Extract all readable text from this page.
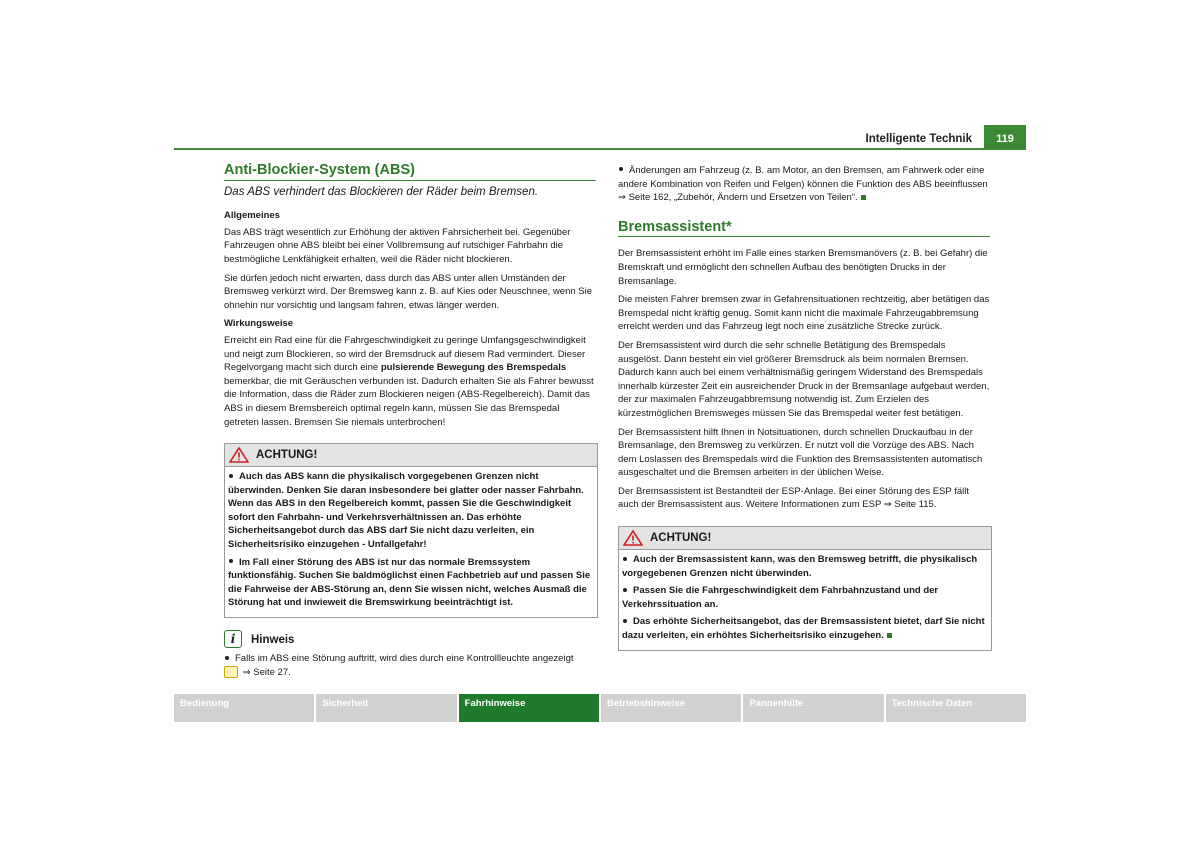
Intelligente Technik	119
Anti-Blockier-System (ABS)
Das ABS verhindert das Blockieren der Räder beim Bremsen.
Allgemeines

Das ABS trägt wesentlich zur Erhöhung der aktiven Fahrsicherheit bei. Gegenüber Fahrzeugen ohne ABS bleibt bei einer Vollbremsung auf rutschiger Fahrbahn die bestmögliche Lenkfähigkeit erhalten, weil die Räder nicht blockieren.

Sie dürfen jedoch nicht erwarten, dass durch das ABS unter allen Umständen der Bremsweg verkürzt wird. Der Bremsweg kann z. B. auf Kies oder Neuschnee, wenn Sie ohnehin nur vorsichtig und langsam fahren, etwas länger werden.

Wirkungsweise

Erreicht ein Rad eine für die Fahrgeschwindigkeit zu geringe Umfangsgeschwindigkeit und neigt zum Blockieren, so wird der Bremsdruck auf diesem Rad vermindert. Dieser Regelvorgang macht sich durch eine pulsierende Bewegung des Bremspedals bemerkbar, die mit Geräuschen verbunden ist. Dadurch erhalten Sie als Fahrer bewusst die Information, dass die Räder zum Blockieren neigen (ABS-Regelbereich). Damit das ABS in diesem Bremsbereich optimal regeln kann, müssen Sie das Bremspedal getreten lassen. Bremsen Sie niemals unterbrochen!

ACHTUNG!

Auch das ABS kann die physikalisch vorgegebenen Grenzen nicht überwinden. Denken Sie daran insbesondere bei glatter oder nasser Fahrbahn. Wenn das ABS in den Regelbereich kommt, passen Sie die Geschwindigkeit sofort den Fahrbahn- und Verkehrsverhältnissen an. Das erhöhte Sicherheitsangebot durch das ABS darf Sie nicht dazu verleiten, ein Sicherheitsrisiko einzugehen - Unfallgefahr!

Im Fall einer Störung des ABS ist nur das normale Bremssystem funktionsfähig. Suchen Sie baldmöglichst einen Fachbetrieb auf und passen Sie die Fahrweise der ABS-Störung an, denn Sie wissen nicht, welches Ausmaß die Störung hat und inwieweit die Bremswirkung beeinträchtigt ist.

i
Hinweis

Falls im ABS eine Störung auftritt, wird dies durch eine Kontrollleuchte angezeigt
⇒ Seite 27.

Änderungen am Fahrzeug (z. B. am Motor, an den Bremsen, am Fahrwerk oder eine andere Kombination von Reifen und Felgen) können die Funktion des ABS beeinflussen ⇒ Seite 162, „Zubehör, Ändern und Ersetzen von Teilen“.

Bremsassistent*

Der Bremsassistent erhöht im Falle eines starken Bremsmanövers (z. B. bei Gefahr) die Bremskraft und ermöglicht den schnellen Aufbau des benötigten Drucks in der Bremsanlage.

Die meisten Fahrer bremsen zwar in Gefahrensituationen rechtzeitig, aber betätigen das Bremspedal nicht kräftig genug. Somit kann nicht die maximale Fahrzeugabbremsung erreicht werden und das Fahrzeug legt noch eine zusätzliche Strecke zurück.

Der Bremsassistent wird durch die sehr schnelle Betätigung des Bremspedals ausgelöst. Dann besteht ein viel größerer Bremsdruck als beim normalen Bremsen. Dadurch kann auch bei einem verhältnismäßig geringem Widerstand des Bremspedals innerhalb kürzester Zeit ein ausreichender Druck in der Bremsanlage aufgebaut werden, der zur maximalen Fahrzeugabbremsung notwendig ist. Zum Erzielen des kürzestmöglichen Bremsweges müssen Sie das Bremspedal weiter fest betätigen.

Der Bremsassistent hilft Ihnen in Notsituationen, durch schnellen Druckaufbau in der Bremsanlage, den Bremsweg zu verkürzen. Er nutzt voll die Vorzüge des ABS. Nach dem Loslassen des Bremspedals wird die Funktion des Bremsassistenten automatisch ausgeschaltet und die Bremsen arbeiten in der üblichen Weise.

Der Bremsassistent ist Bestandteil der ESP-Anlage. Bei einer Störung des ESP fällt auch der Bremsassistent aus. Weitere Informationen zum ESP ⇒ Seite 115.

ACHTUNG!

Auch der Bremsassistent kann, was den Bremsweg betrifft, die physikalisch vorgegebenen Grenzen nicht überwinden.

Passen Sie die Fahrgeschwindigkeit dem Fahrbahnzustand und der Verkehrssituation an.

Das erhöhte Sicherheitsangebot, das der Bremsassistent bietet, darf Sie nicht dazu verleiten, ein erhöhtes Sicherheitsrisiko einzugehen.

Bedienung	Sicherheit	Fahrhinweise	Betriebshinweise	Pannenhilfe	Technische Daten
